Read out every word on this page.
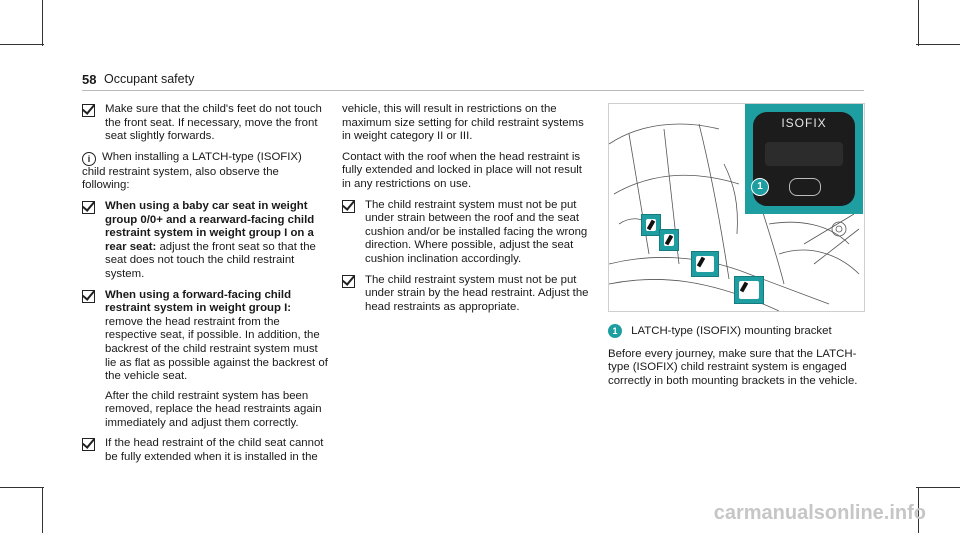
58 Occupant safety
Make sure that the child's feet do not touch the front seat. If necessary, move the front seat slightly forwards.

i When installing a LATCH-type (ISOFIX) child restraint system, also observe the following:

When using a baby car seat in weight group 0/0+ and a rearward-facing child restraint system in weight group I on a rear seat: adjust the front seat so that the seat does not touch the child restraint system.
When using a forward-facing child restraint system in weight group I: remove the head restraint from the respective seat, if possible. In addition, the backrest of the child restraint system must lie as flat as possible against the backrest of the vehicle seat.
After the child restraint system has been removed, replace the head restraints again immediately and adjust them correctly.
If the head restraint of the child seat cannot be fully extended when it is installed in the

vehicle, this will result in restrictions on the maximum size setting for child restraint systems in weight category II or III.

Contact with the roof when the head restraint is fully extended and locked in place will not result in any restrictions on use.

The child restraint system must not be put under strain between the roof and the seat cushion and/or be installed facing the wrong direction. Where possible, adjust the seat cushion inclination accordingly.
The child restraint system must not be put under strain by the head restraint. Adjust the head restraints as appropriate.
ISOFIX
1

1 LATCH-type (ISOFIX) mounting bracket

Before every journey, make sure that the LATCH-type (ISOFIX) child restraint system is engaged correctly in both mounting brackets in the vehicle.

carmanualsonline.info
